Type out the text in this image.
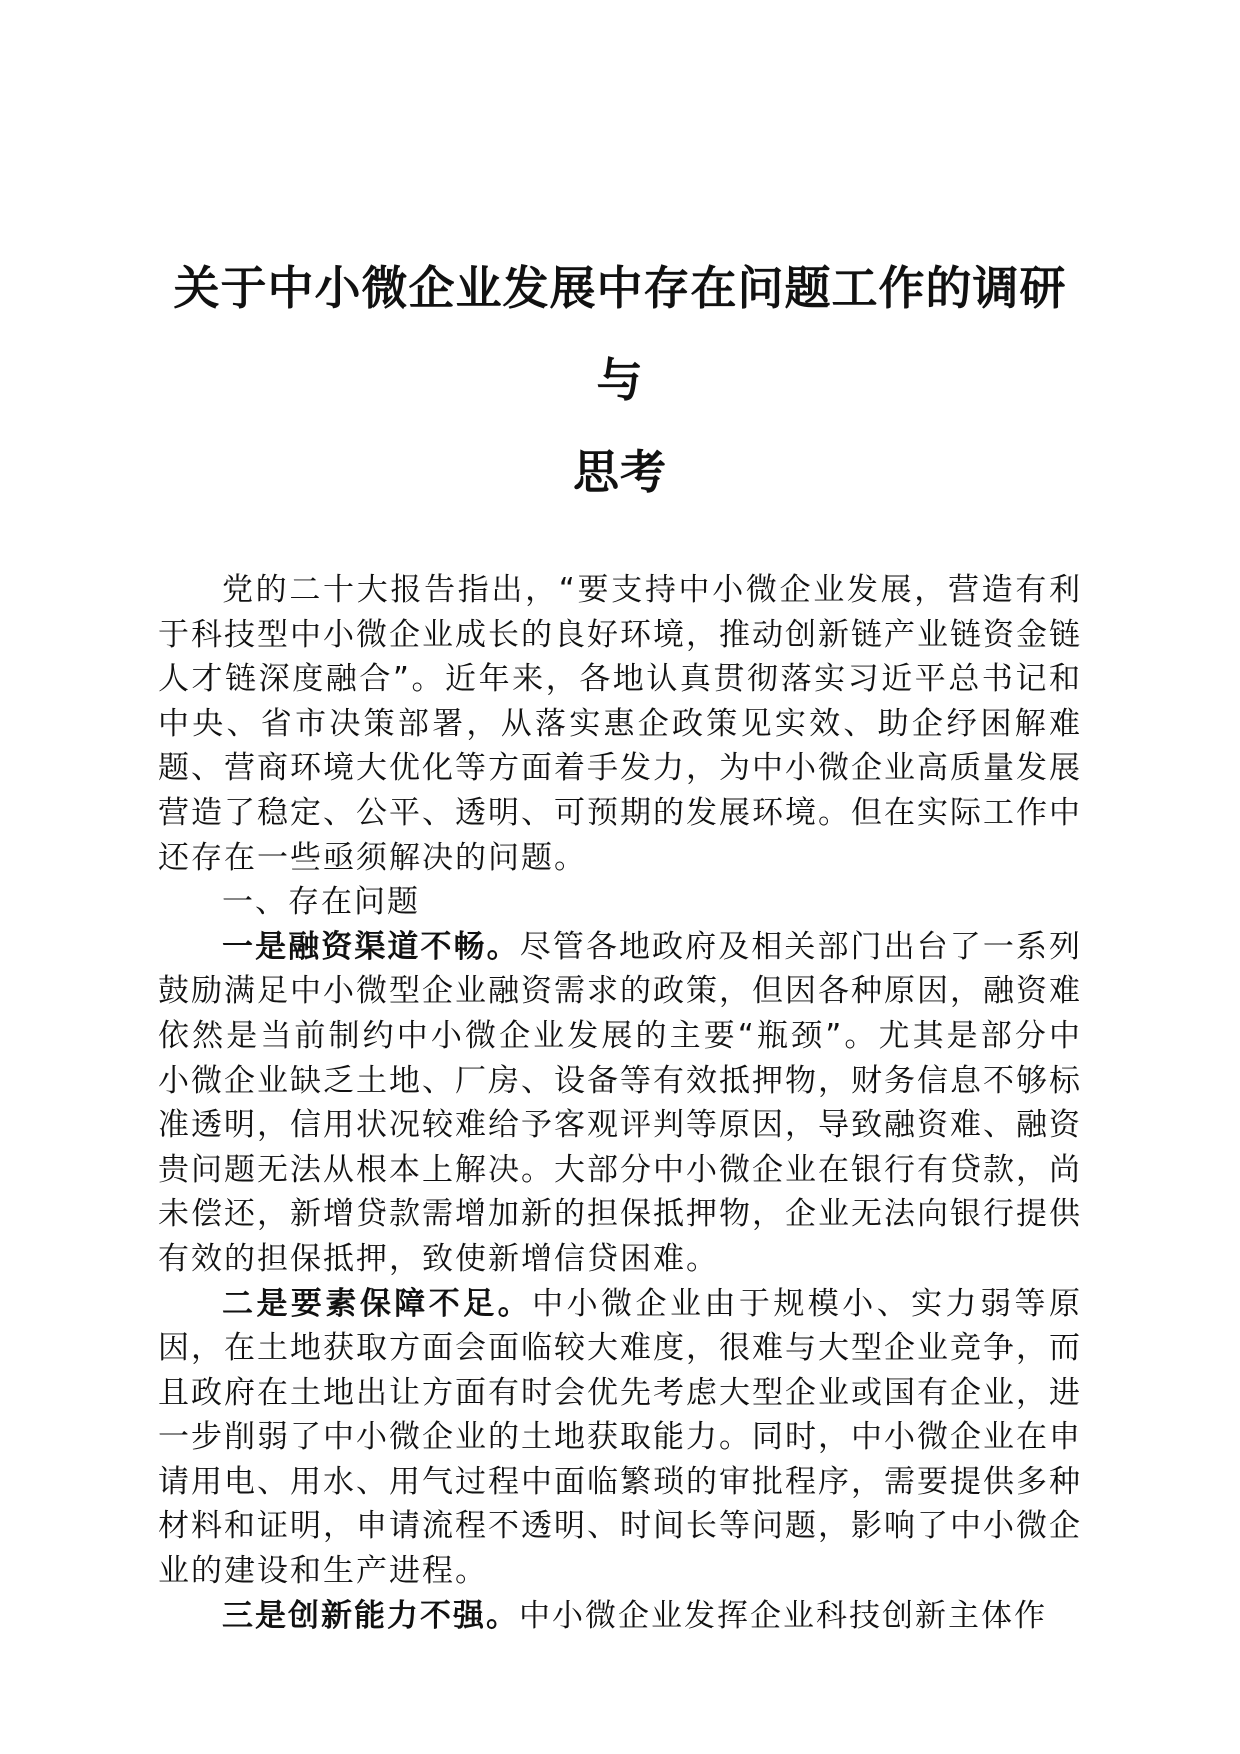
关于中小微企业发展中存在问题工作的调研与
思考

党的二十大报告指出，“要支持中小微企业发展，营造有利于科技型中小微企业成长的良好环境，推动创新链产业链资金链人才链深度融合”。近年来，各地认真贯彻落实习近平总书记和中央、省市决策部署，从落实惠企政策见实效、助企纾困解难题、营商环境大优化等方面着手发力，为中小微企业高质量发展营造了稳定、公平、透明、可预期的发展环境。但在实际工作中还存在一些亟须解决的问题。

一、存在问题

一是融资渠道不畅。尽管各地政府及相关部门出台了一系列鼓励满足中小微型企业融资需求的政策，但因各种原因，融资难依然是当前制约中小微企业发展的主要“瓶颈”。尤其是部分中小微企业缺乏土地、厂房、设备等有效抵押物，财务信息不够标准透明，信用状况较难给予客观评判等原因，导致融资难、融资贵问题无法从根本上解决。大部分中小微企业在银行有贷款，尚未偿还，新增贷款需增加新的担保抵押物，企业无法向银行提供有效的担保抵押，致使新增信贷困难。

二是要素保障不足。中小微企业由于规模小、实力弱等原因，在土地获取方面会面临较大难度，很难与大型企业竞争，而且政府在土地出让方面有时会优先考虑大型企业或国有企业，进一步削弱了中小微企业的土地获取能力。同时，中小微企业在申请用电、用水、用气过程中面临繁琐的审批程序，需要提供多种材料和证明，申请流程不透明、时间长等问题，影响了中小微企业的建设和生产进程。

三是创新能力不强。中小微企业发挥企业科技创新主体作
